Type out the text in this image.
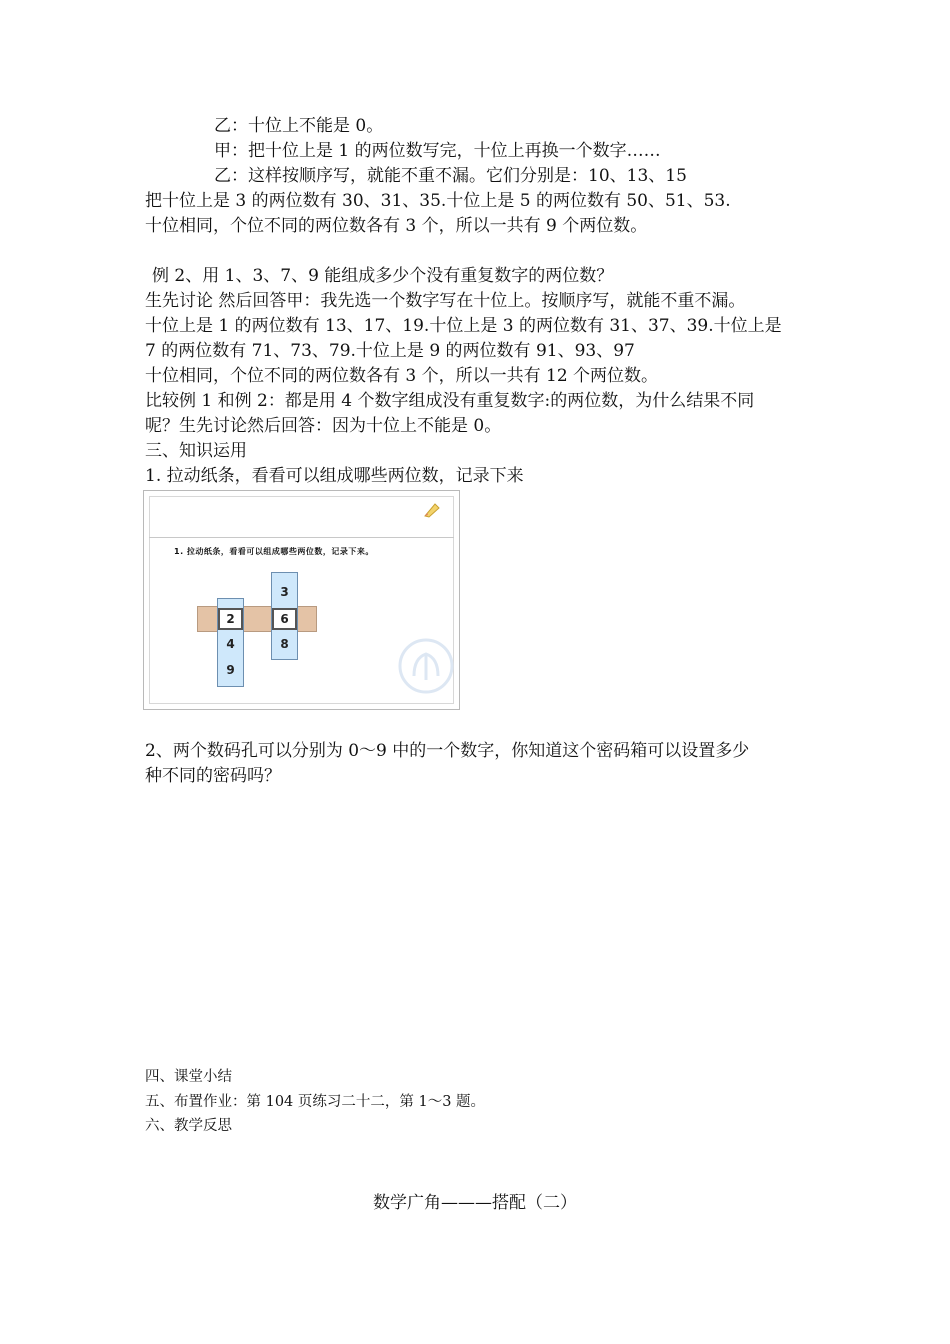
乙：十位上不能是 0。
甲：把十位上是 1 的两位数写完，十位上再换一个数字……
乙：这样按顺序写，就能不重不漏。它们分别是：10、13、15
把十位上是 3 的两位数有 30、31、35.十位上是 5 的两位数有 50、51、53.
十位相同，个位不同的两位数各有 3 个，所以一共有 9 个两位数。
例 2、用 1、3、7、9 能组成多少个没有重复数字的两位数？
生先讨论 然后回答甲：我先选一个数字写在十位上。按顺序写，就能不重不漏。
十位上是 1 的两位数有 13、17、19.十位上是 3 的两位数有 31、37、39.十位上是
7 的两位数有 71、73、79.十位上是 9 的两位数有 91、93、97
十位相同，个位不同的两位数各有 3 个，所以一共有 12 个两位数。
比较例 1 和例 2：都是用 4 个数字组成没有重复数字:的两位数，为什么结果不同
呢？生先讨论然后回答：因为十位上不能是 0。
三、知识运用
1. 拉动纸条，看看可以组成哪些两位数，记录下来
1. 拉动纸条，看看可以组成哪些两位数，记录下来。
2
4
9
3
6
8
2、两个数码孔可以分别为 0～9 中的一个数字，你知道这个密码箱可以设置多少
种不同的密码吗？
四、课堂小结
五、布置作业：第 104 页练习二十二，第 1～3 题。
六、教学反思
数学广角———搭配（二）
